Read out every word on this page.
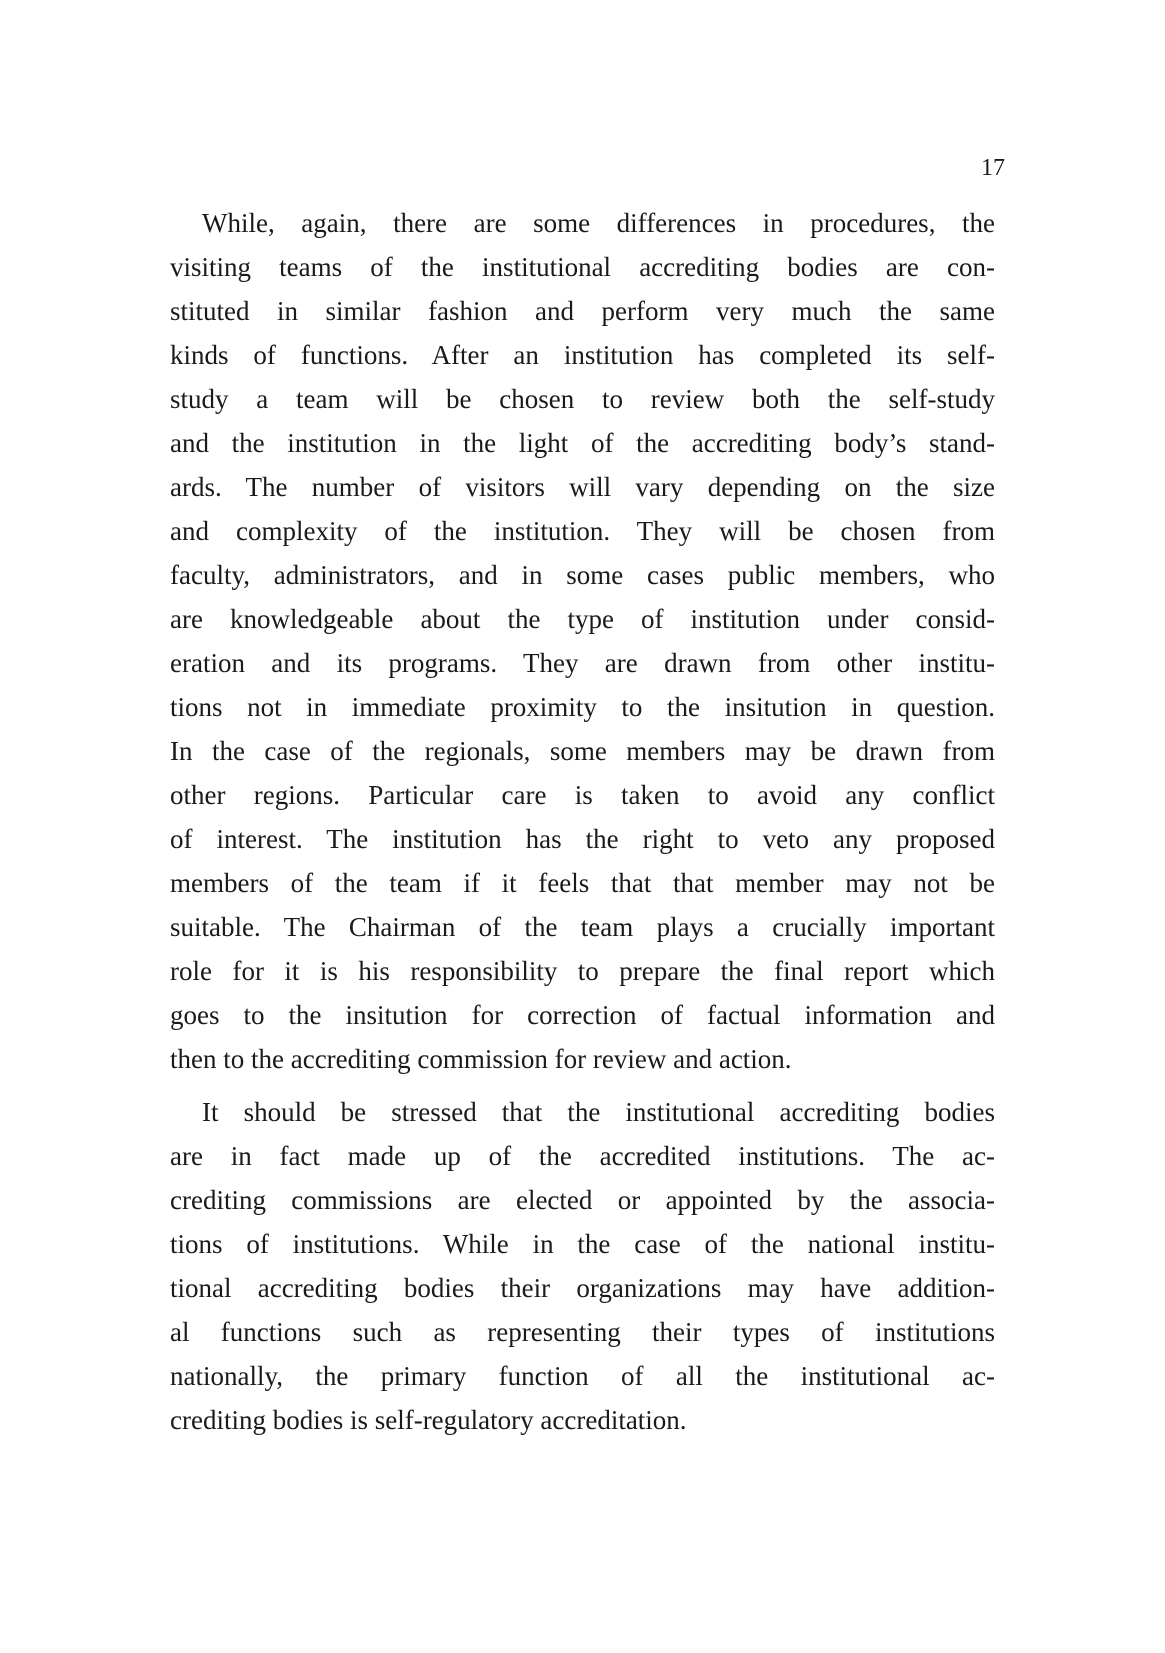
17
While, again, there are some differences in procedures, the
visiting teams of the institutional accrediting bodies are con-
stituted in similar fashion and perform very much the same
kinds of functions. After an institution has completed its self-
study a team will be chosen to review both the self-study
and the institution in the light of the accrediting body’s stand-
ards. The number of visitors will vary depending on the size
and complexity of the institution. They will be chosen from
faculty, administrators, and in some cases public members, who
are knowledgeable about the type of institution under consid-
eration and its programs. They are drawn from other institu-
tions not in immediate proximity to the insitution in question.
In the case of the regionals, some members may be drawn from
other regions. Particular care is taken to avoid any conflict
of interest. The institution has the right to veto any proposed
members of the team if it feels that that member may not be
suitable. The Chairman of the team plays a crucially important
role for it is his responsibility to prepare the final report which
goes to the insitution for correction of factual information and
then to the accrediting commission for review and action.
It should be stressed that the institutional accrediting bodies
are in fact made up of the accredited institutions. The ac-
crediting commissions are elected or appointed by the associa-
tions of institutions. While in the case of the national institu-
tional accrediting bodies their organizations may have addition-
al functions such as representing their types of institutions
nationally, the primary function of all the institutional ac-
crediting bodies is self-regulatory accreditation.
